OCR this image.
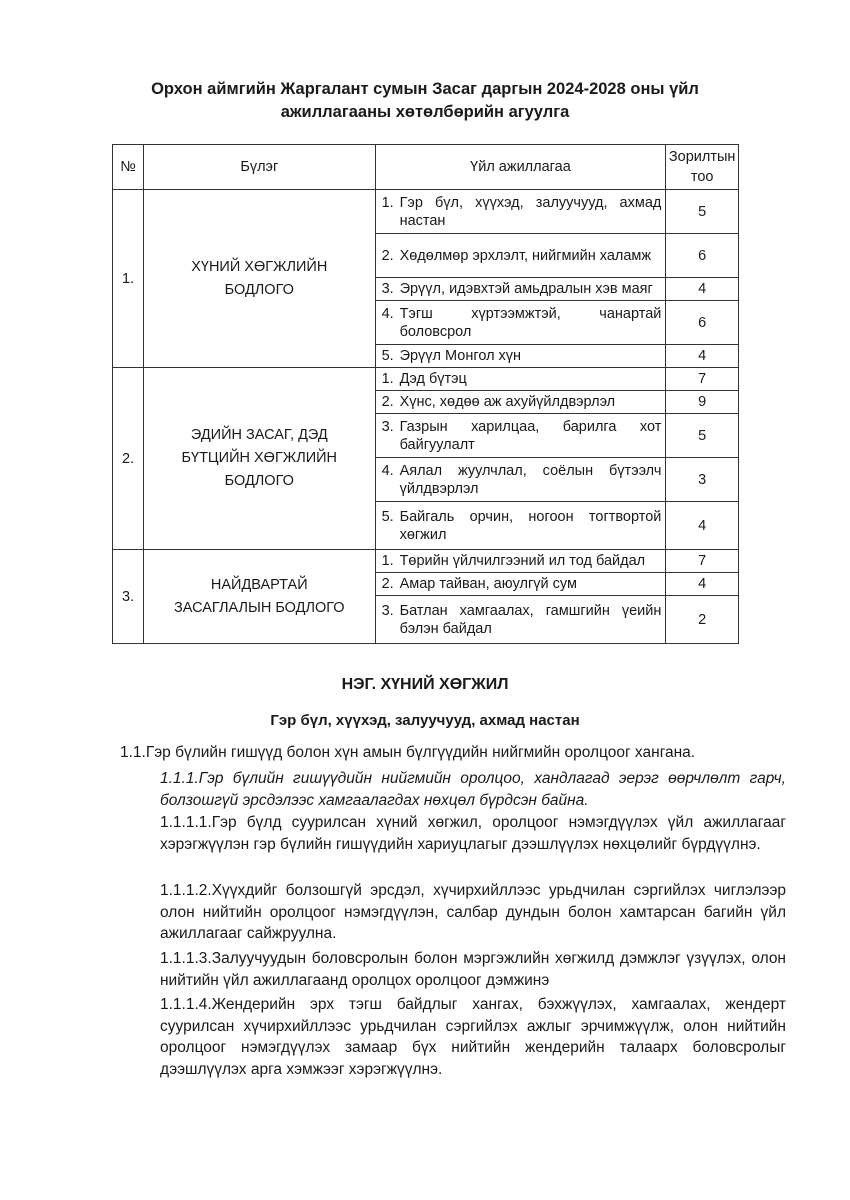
Орхон аймгийн Жаргалант сумын Засаг даргын 2024-2028 оны үйл
ажиллагааны хөтөлбөрийн агуулга
№	Бүлэг	Үйл ажиллагаа	Зорилтын тоо
1.	ХҮНИЙ ХӨГЖЛИЙН БОДЛОГО	1. Гэр бүл, хүүхэд, залуучууд, ахмад настан	5

		2. Хөдөлмөр эрхлэлт, нийгмийн халамж	6

		3. Эрүүл, идэвхтэй амьдралын хэв маяг	4

		4. Тэгш хүртээмжтэй, чанартай боловсрол	6

		5. Эрүүл Монгол хүн	4
2.	ЭДИЙН ЗАСАГ, ДЭД БҮТЦИЙН ХӨГЖЛИЙН БОДЛОГО	1. Дэд бүтэц	7

		2. Хүнс, хөдөө аж ахуйүйлдвэрлэл	9

		3. Газрын харилцаа, барилга хот байгуулалт	5

		4. Аялал жуулчлал, соёлын бүтээлч үйлдвэрлэл	3

		5. Байгаль орчин, ногоон тогтвортой хөгжил	4
3.	НАЙДВАРТАЙ ЗАСАГЛАЛЫН БОДЛОГО	1. Төрийн үйлчилгээний ил тод байдал	7

		2. Амар тайван, аюулгүй сум	4

		3. Батлан хамгаалах, гамшгийн үеийн бэлэн байдал	2
НЭГ. ХҮНИЙ ХӨГЖИЛ
Гэр бүл, хүүхэд, залуучууд, ахмад настан
1.1.Гэр бүлийн гишүүд болон хүн амын бүлгүүдийн нийгмийн оролцоог хангана.
1.1.1.Гэр бүлийн гишүүдийн нийгмийн оролцоо, хандлагад эерэг өөрчлөлт гарч, болзошгүй эрсдэлээс хамгаалагдах нөхцөл бүрдсэн байна.
1.1.1.1.Гэр бүлд суурилсан хүний хөгжил, оролцоог нэмэгдүүлэх үйл ажиллагааг хэрэгжүүлэн гэр бүлийн гишүүдийн хариуцлагыг дээшлүүлэх нөхцөлийг бүрдүүлнэ.
1.1.1.2.Хүүхдийг болзошгүй эрсдэл, хүчирхийллээс урьдчилан сэргийлэх чиглэлээр олон нийтийн оролцоог нэмэгдүүлэн, салбар дундын болон хамтарсан багийн үйл ажиллагааг сайжруулна.
1.1.1.3.Залуучуудын боловсролын болон мэргэжлийн хөгжилд дэмжлэг үзүүлэх, олон нийтийн үйл ажиллагаанд оролцох оролцоог дэмжинэ
1.1.1.4.Жендерийн эрх тэгш байдлыг хангах, бэхжүүлэх, хамгаалах, жендерт суурилсан хүчирхийллээс урьдчилан сэргийлэх ажлыг эрчимжүүлж, олон нийтийн оролцоог нэмэгдүүлэх замаар бүх нийтийн жендерийн талаарх боловсролыг дээшлүүлэх арга хэмжээг хэрэгжүүлнэ.
